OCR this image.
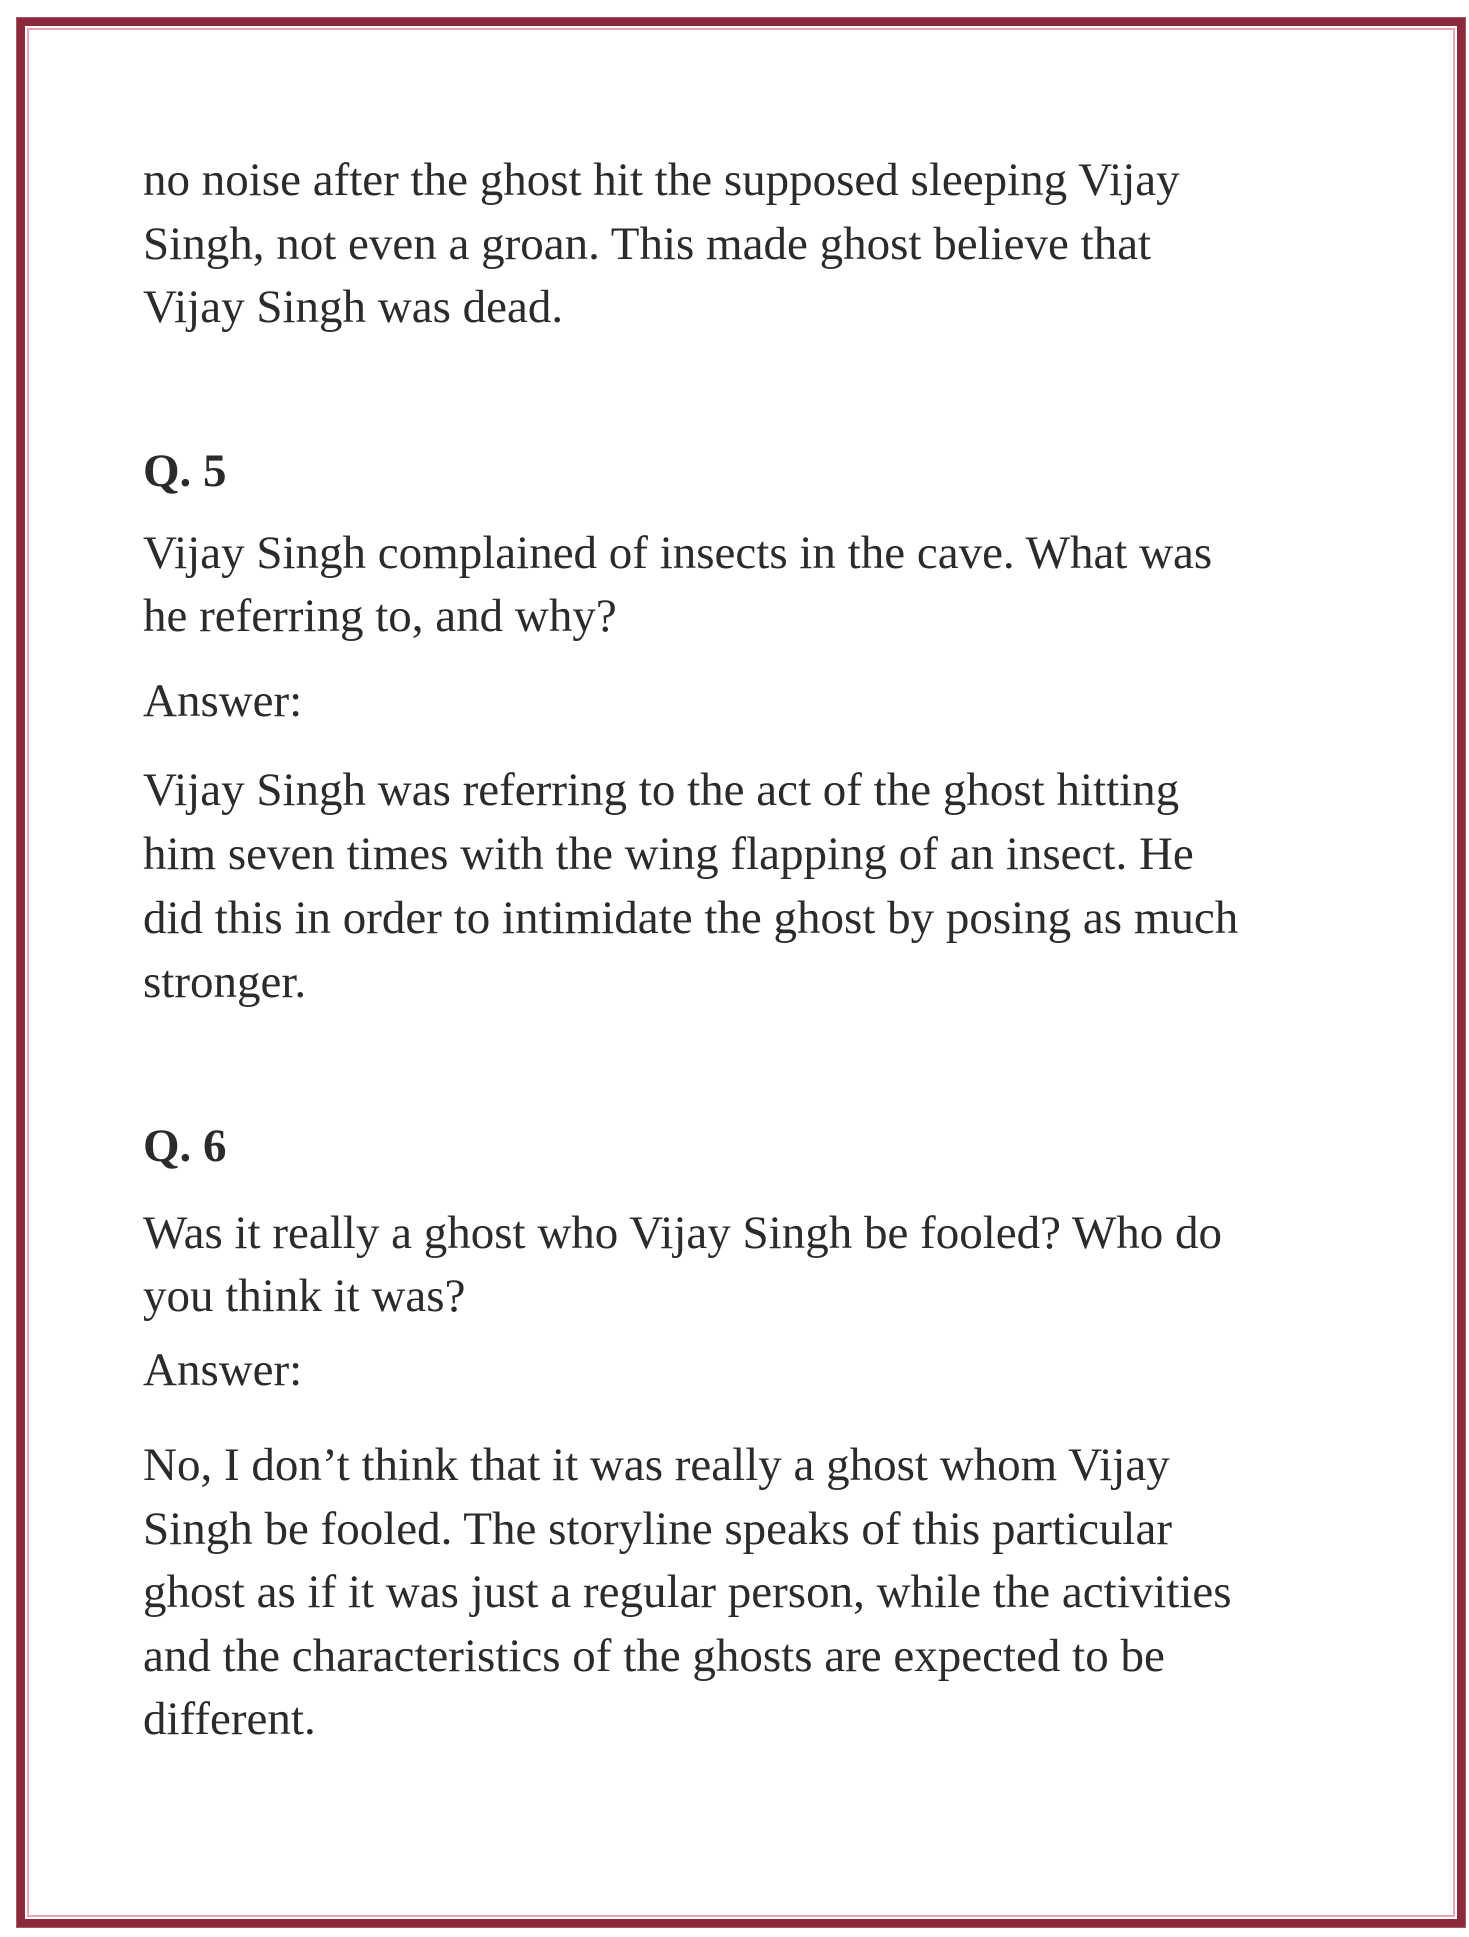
no noise after the ghost hit the supposed sleeping Vijay
Singh, not even a groan. This made ghost believe that
Vijay Singh was dead.
Q. 5
Vijay Singh complained of insects in the cave. What was
he referring to, and why?
Answer:
Vijay Singh was referring to the act of the ghost hitting
him seven times with the wing flapping of an insect. He
did this in order to intimidate the ghost by posing as much
stronger.
Q. 6
Was it really a ghost who Vijay Singh be fooled? Who do
you think it was?
Answer:
No, I don’t think that it was really a ghost whom Vijay
Singh be fooled. The storyline speaks of this particular
ghost as if it was just a regular person, while the activities
and the characteristics of the ghosts are expected to be
different.
